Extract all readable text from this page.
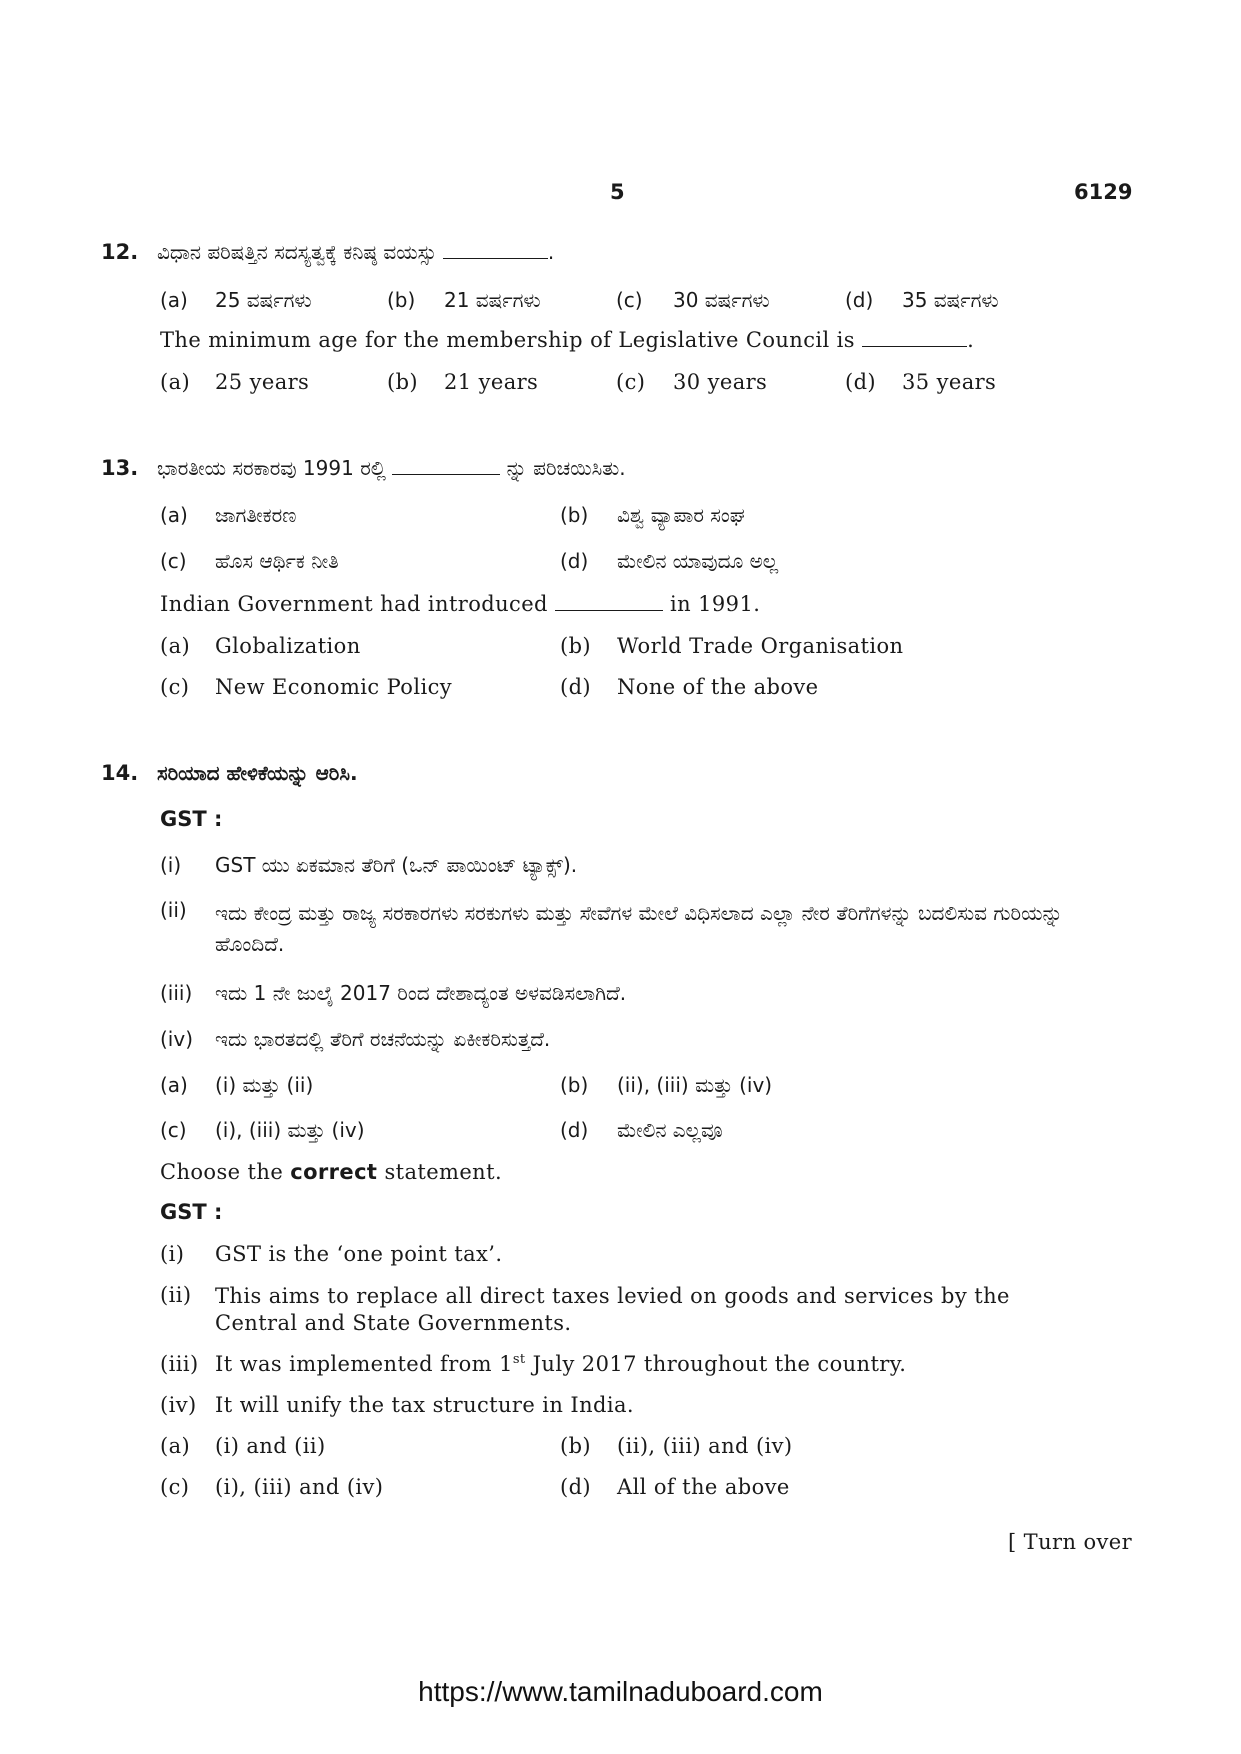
5	6129
12. ವಿಧಾನ ಪರಿಷತ್ತಿನ ಸದಸ್ಯತ್ವಕ್ಕೆ ಕನಿಷ್ಠ ವಯಸ್ಸು	.
(a) 25 ವರ್ಷಗಳು	(b) 21 ವರ್ಷಗಳು	(c) 30 ವರ್ಷಗಳು	(d) 35 ವರ್ಷಗಳು
The minimum age for the membership of Legislative Council is	.
(a) 25 years	(b) 21 years	(c) 30 years	(d) 35 years
13. ಭಾರತೀಯ ಸರಕಾರವು 1991 ರಲ್ಲಿ	ನ್ನು ಪರಿಚಯಿಸಿತು.
(a) ಜಾಗತೀಕರಣ	(b) ವಿಶ್ವ ವ್ಯಾಪಾರ ಸಂಘ
(c) ಹೊಸ ಆರ್ಥಿಕ ನೀತಿ	(d) ಮೇಲಿನ ಯಾವುದೂ ಅಲ್ಲ
Indian Government had introduced	in 1991.
(a) Globalization	(b) World Trade Organisation
(c) New Economic Policy	(d) None of the above
14. ಸರಿಯಾದ ಹೇಳಿಕೆಯನ್ನು ಆರಿಸಿ.
GST :
(i) GST ಯು ಏಕಮಾನ ತೆರಿಗೆ (ಒನ್ ಪಾಯಿಂಟ್ ಟ್ಯಾಕ್ಸ್).
(ii) ಇದು ಕೇಂದ್ರ ಮತ್ತು ರಾಜ್ಯ ಸರಕಾರಗಳು ಸರಕುಗಳು ಮತ್ತು ಸೇವೆಗಳ ಮೇಲೆ ವಿಧಿಸಲಾದ ಎಲ್ಲಾ ನೇರ ತೆರಿಗೆಗಳನ್ನು ಬದಲಿಸುವ ಗುರಿಯನ್ನು ಹೊಂದಿದೆ.
(iii) ಇದು 1 ನೇ ಜುಲೈ 2017 ರಿಂದ ದೇಶಾದ್ಯಂತ ಅಳವಡಿಸಲಾಗಿದೆ.
(iv) ಇದು ಭಾರತದಲ್ಲಿ ತೆರಿಗೆ ರಚನೆಯನ್ನು ಏಕೀಕರಿಸುತ್ತದೆ.
(a) (i) ಮತ್ತು (ii)	(b) (ii), (iii) ಮತ್ತು (iv)
(c) (i), (iii) ಮತ್ತು (iv)	(d) ಮೇಲಿನ ಎಲ್ಲವೂ
Choose the correct statement.
GST :
(i) GST is the ‘one point tax’.
(ii) This aims to replace all direct taxes levied on goods and services by the Central and State Governments.
(iii) It was implemented from 1st July 2017 throughout the country.
(iv) It will unify the tax structure in India.
(a) (i) and (ii)	(b) (ii), (iii) and (iv)
(c) (i), (iii) and (iv)	(d) All of the above
[ Turn over
https://www.tamilnaduboard.com
